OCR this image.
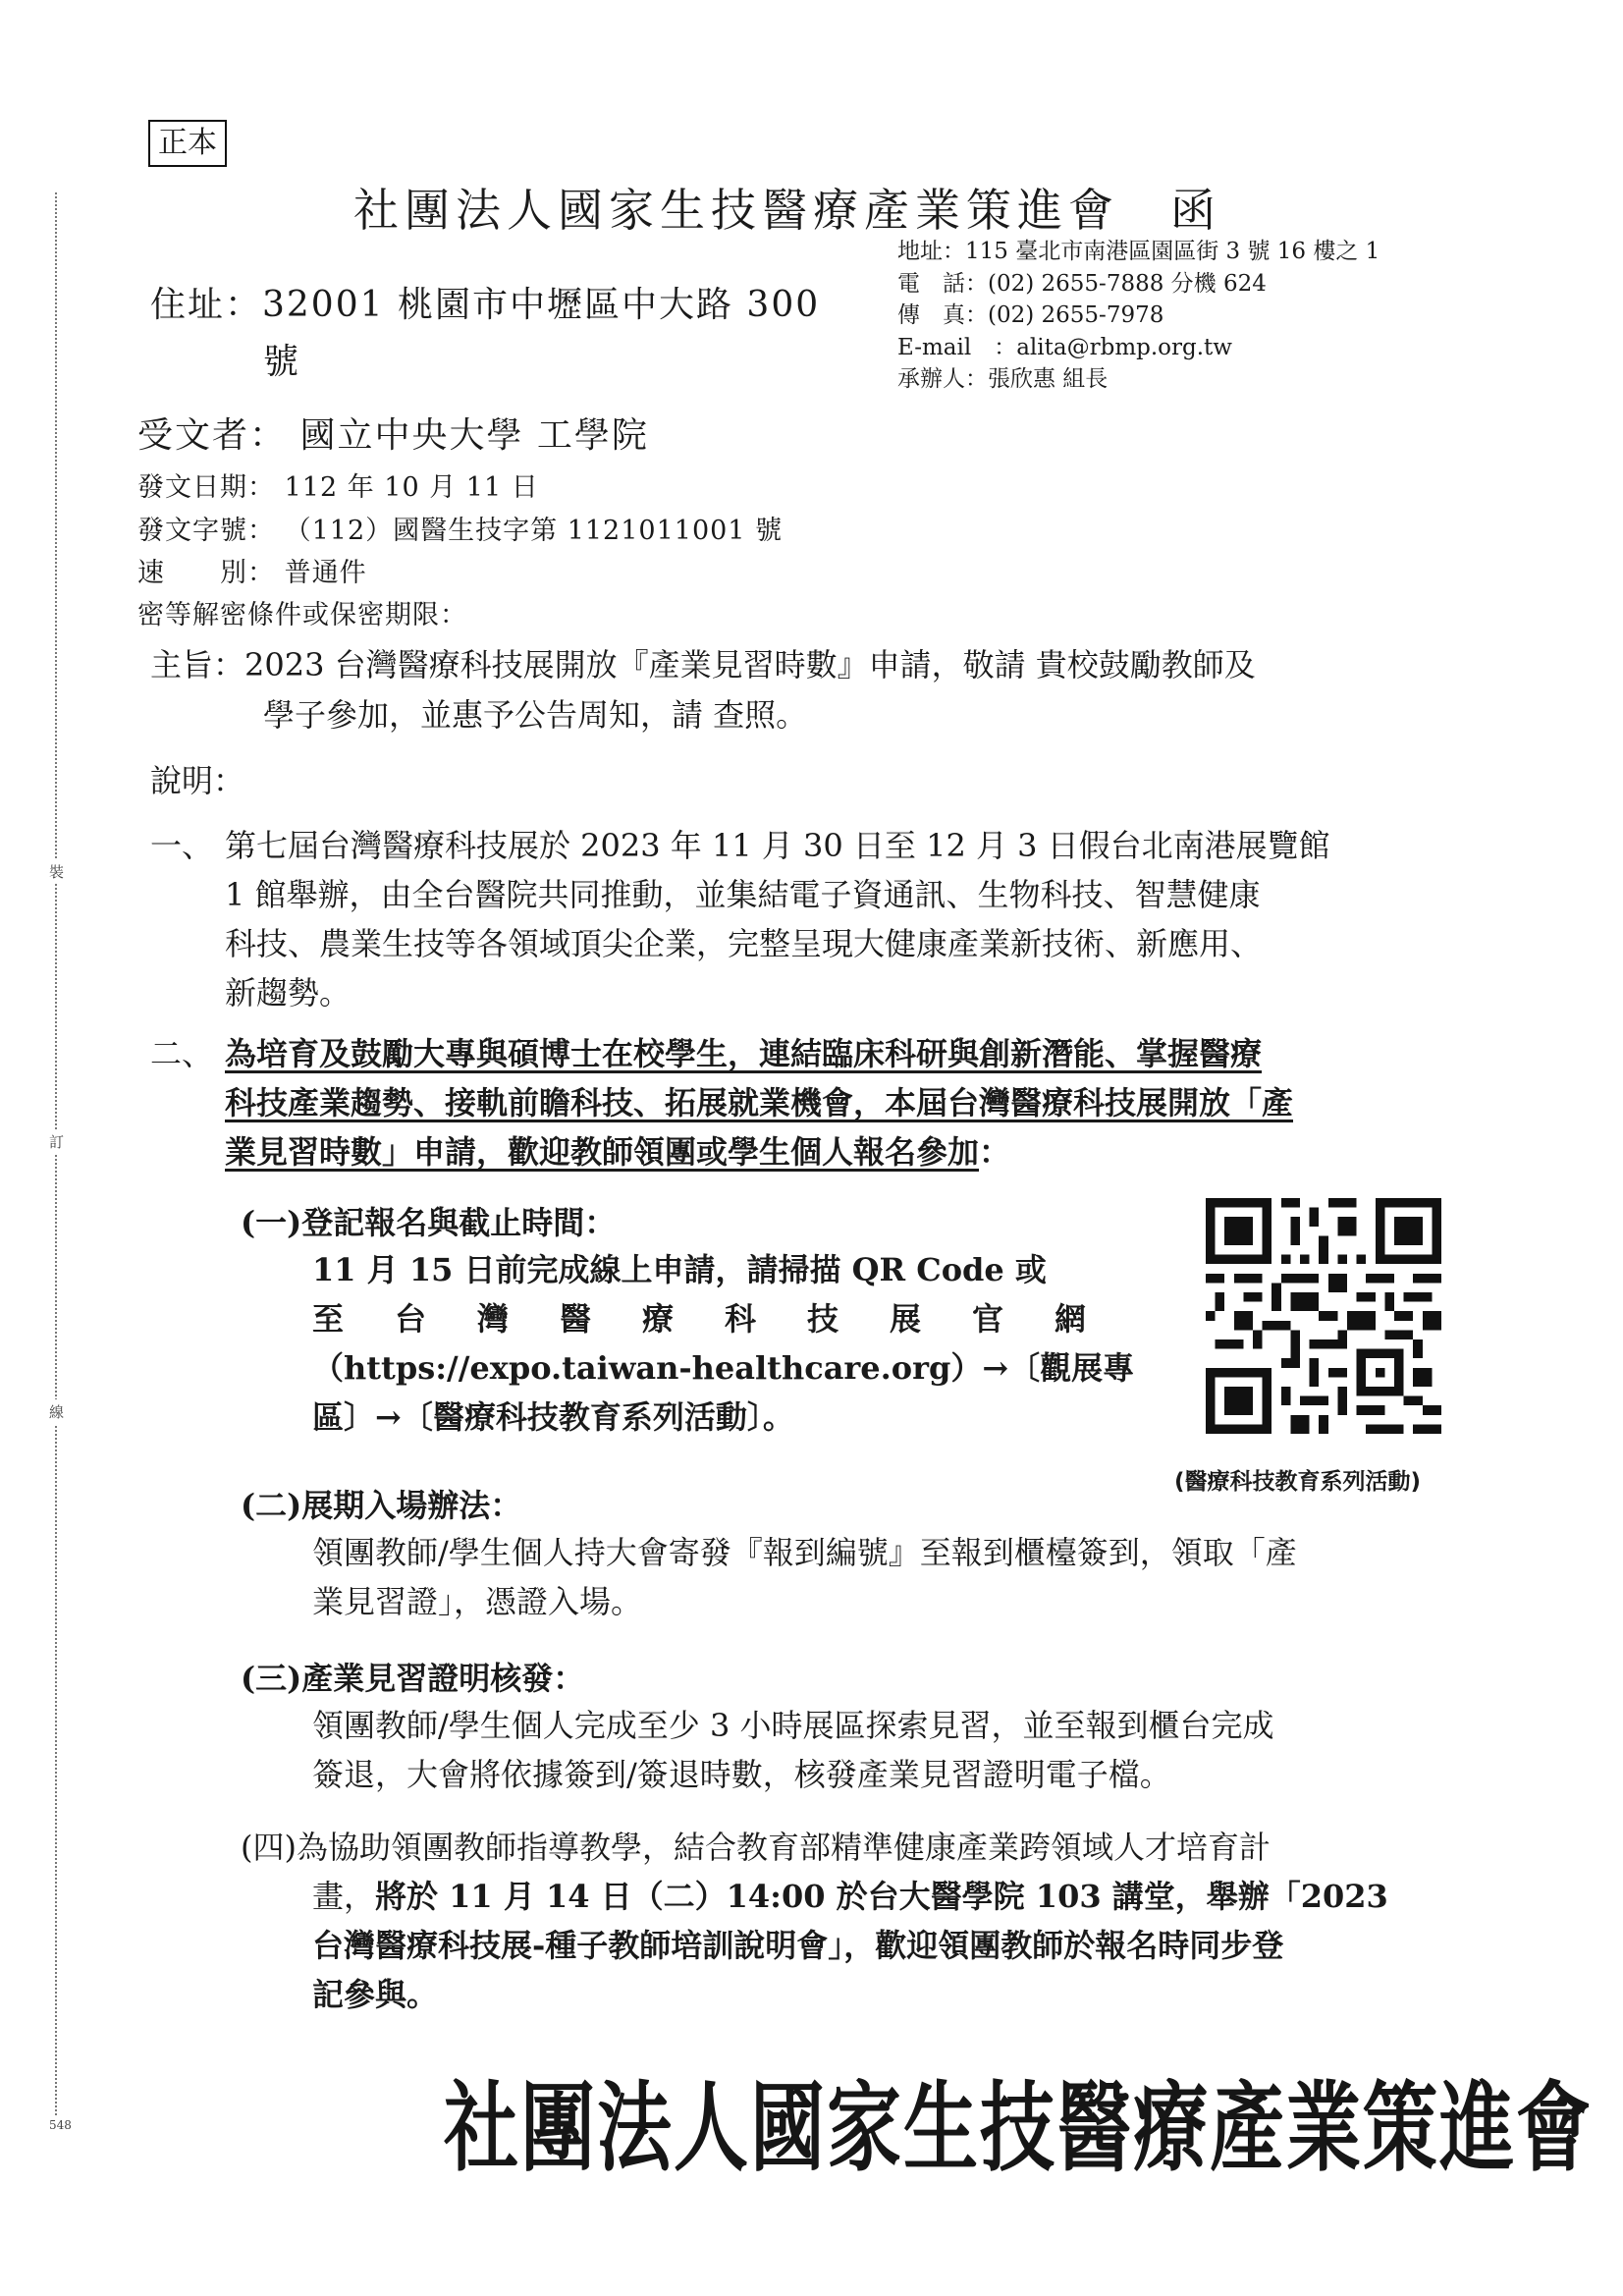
裝
訂
線
548
正本
社團法人國家生技醫療產業策進會　函
住址：32001 桃園市中壢區中大路 300
號
地址：115 臺北市南港區園區街 3 號 16 樓之 1
電　話：(02) 2655-7888 分機 624
傳　真：(02) 2655-7978
E-mail　：alita@rbmp.org.tw
承辦人：張欣惠 組長
受文者： 國立中央大學 工學院
發文日期： 112 年 10 月 11 日
發文字號： （112）國醫生技字第 1121011001 號
速　　別： 普通件
密等解密條件或保密期限：
主旨：2023 台灣醫療科技展開放『產業見習時數』申請，敬請 貴校鼓勵教師及
學子參加，並惠予公告周知，請 查照。
說明：
一、 第七屆台灣醫療科技展於 2023 年 11 月 30 日至 12 月 3 日假台北南港展覽館
1 館舉辦，由全台醫院共同推動，並集結電子資通訊、生物科技、智慧健康
科技、農業生技等各領域頂尖企業，完整呈現大健康產業新技術、新應用、
新趨勢。
二、 為培育及鼓勵大專與碩博士在校學生，連結臨床科研與創新潛能、掌握醫療
科技產業趨勢、接軌前瞻科技、拓展就業機會，本屆台灣醫療科技展開放「產
業見習時數」申請，歡迎教師領團或學生個人報名參加：
(一)登記報名與截止時間：
11 月 15 日前完成線上申請，請掃描 QR Code 或
至台灣醫療科技展官網
（https://expo.taiwan-healthcare.org）→〔觀展專
區〕→〔醫療科技教育系列活動〕。
(醫療科技教育系列活動)
(二)展期入場辦法：
領團教師/學生個人持大會寄發『報到編號』至報到櫃檯簽到，領取「產
業見習證」，憑證入場。
(三)產業見習證明核發：
領團教師/學生個人完成至少 3 小時展區探索見習，並至報到櫃台完成
簽退，大會將依據簽到/簽退時數，核發產業見習證明電子檔。
(四)為協助領團教師指導教學，結合教育部精準健康產業跨領域人才培育計
畫，將於 11 月 14 日（二）14:00 於台大醫學院 103 講堂，舉辦「2023
台灣醫療科技展-種子教師培訓說明會」，歡迎領團教師於報名時同步登
記參與。
社團法人國家生技醫療產業策進會
